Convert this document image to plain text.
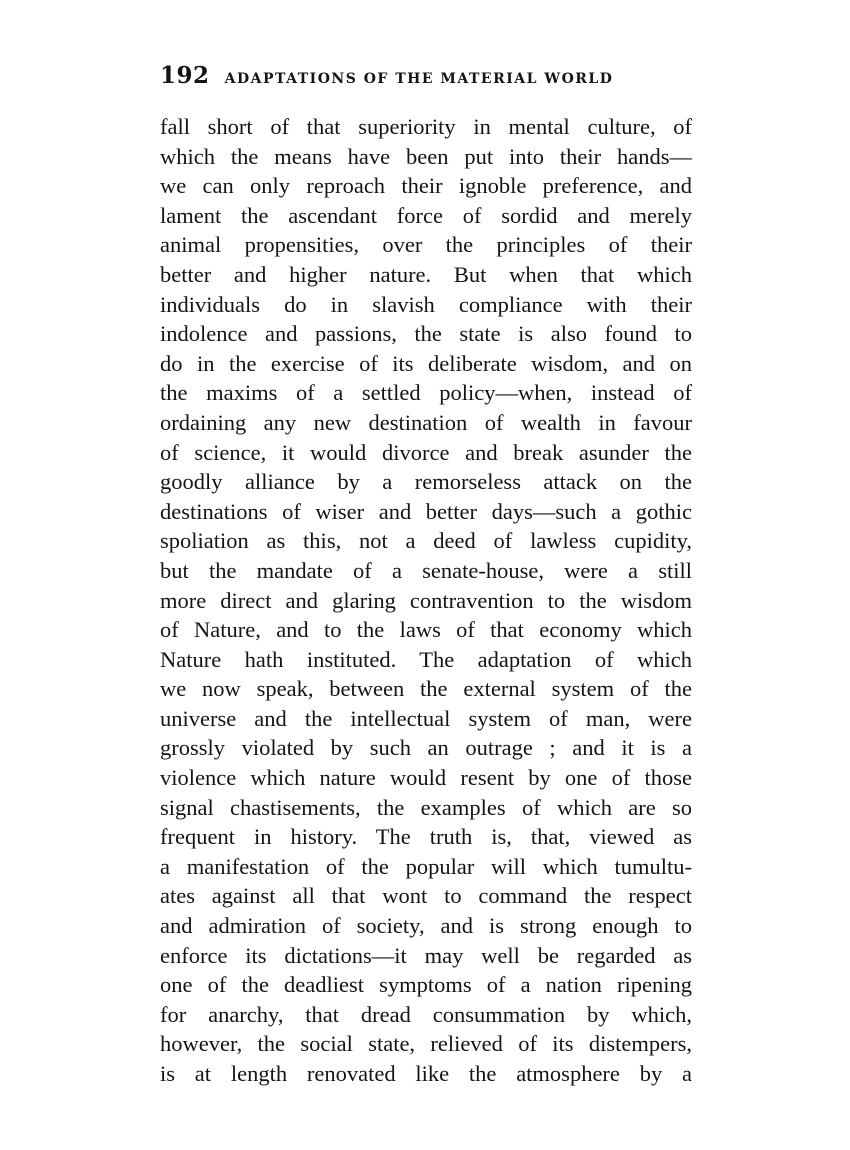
192 ADAPTATIONS OF THE MATERIAL WORLD
fall short of that superiority in mental culture, of
which the means have been put into their hands—
we can only reproach their ignoble preference, and
lament the ascendant force of sordid and merely
animal propensities, over the principles of their
better and higher nature. But when that which
individuals do in slavish compliance with their
indolence and passions, the state is also found to
do in the exercise of its deliberate wisdom, and on
the maxims of a settled policy—when, instead of
ordaining any new destination of wealth in favour
of science, it would divorce and break asunder the
goodly alliance by a remorseless attack on the
destinations of wiser and better days—such a gothic
spoliation as this, not a deed of lawless cupidity,
but the mandate of a senate-house, were a still
more direct and glaring contravention to the wisdom
of Nature, and to the laws of that economy which
Nature hath instituted. The adaptation of which
we now speak, between the external system of the
universe and the intellectual system of man, were
grossly violated by such an outrage ; and it is a
violence which nature would resent by one of those
signal chastisements, the examples of which are so
frequent in history. The truth is, that, viewed as
a manifestation of the popular will which tumultu-
ates against all that wont to command the respect
and admiration of society, and is strong enough to
enforce its dictations—it may well be regarded as
one of the deadliest symptoms of a nation ripening
for anarchy, that dread consummation by which,
however, the social state, relieved of its distempers,
is at length renovated like the atmosphere by a
